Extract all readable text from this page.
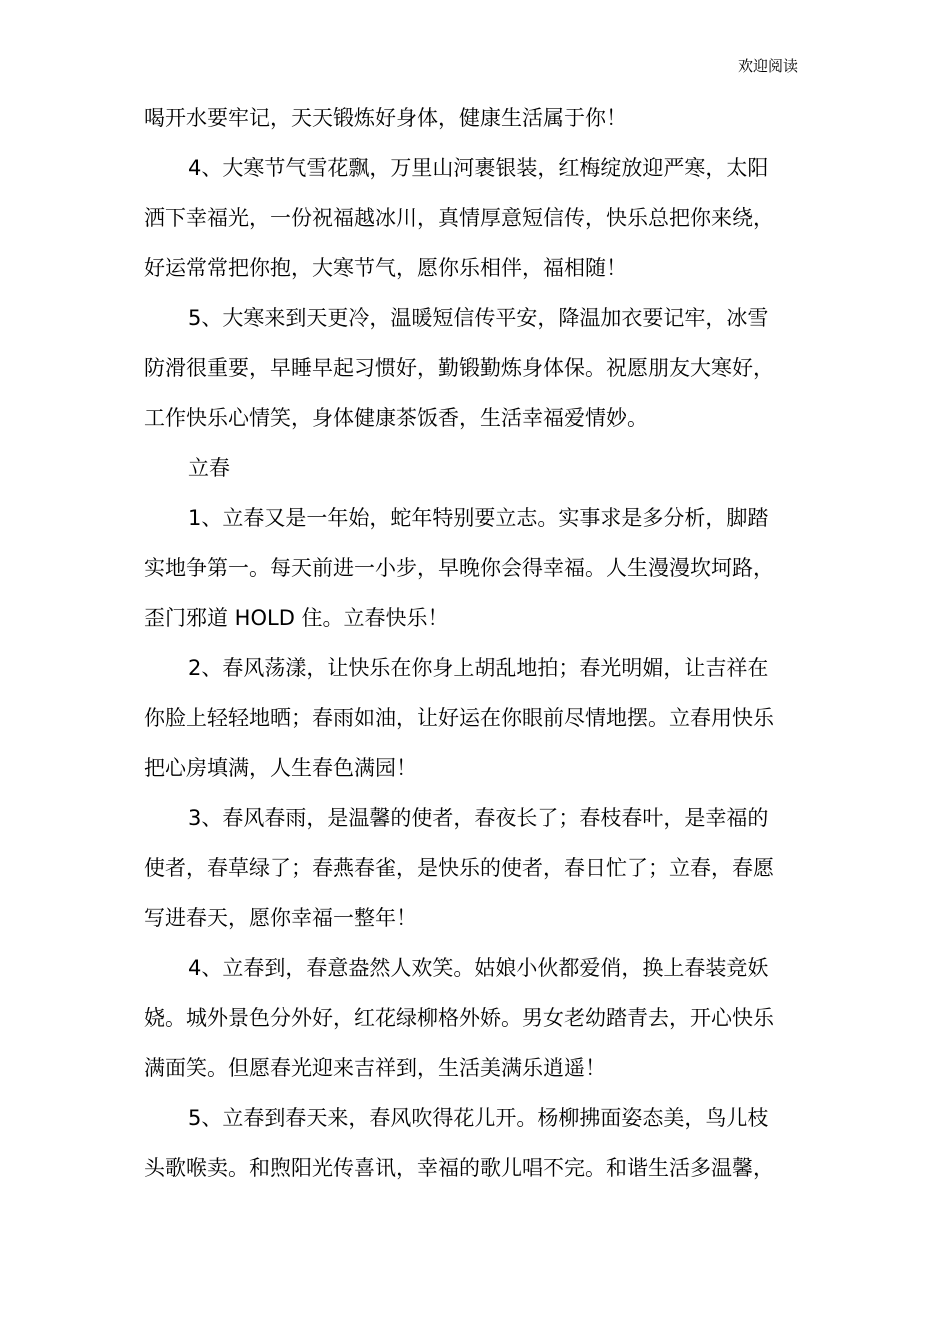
欢迎阅读

喝开水要牢记，天天锻炼好身体，健康生活属于你！

4、大寒节气雪花飘，万里山河裹银装，红梅绽放迎严寒，太阳

洒下幸福光，一份祝福越冰川，真情厚意短信传，快乐总把你来绕，

好运常常把你抱，大寒节气，愿你乐相伴，福相随！

5、大寒来到天更冷，温暖短信传平安，降温加衣要记牢，冰雪

防滑很重要，早睡早起习惯好，勤锻勤炼身体保。祝愿朋友大寒好，

工作快乐心情笑，身体健康茶饭香，生活幸福爱情妙。

立春

1、立春又是一年始，蛇年特别要立志。实事求是多分析，脚踏

实地争第一。每天前进一小步，早晚你会得幸福。人生漫漫坎坷路，

歪门邪道 HOLD 住。立春快乐！

2、春风荡漾，让快乐在你身上胡乱地拍；春光明媚，让吉祥在

你脸上轻轻地晒；春雨如油，让好运在你眼前尽情地摆。立春用快乐

把心房填满，人生春色满园！

3、春风春雨，是温馨的使者，春夜长了；春枝春叶，是幸福的

使者，春草绿了；春燕春雀，是快乐的使者，春日忙了；立春，春愿

写进春天，愿你幸福一整年！

4、立春到，春意盎然人欢笑。姑娘小伙都爱俏，换上春装竞妖

娆。城外景色分外好，红花绿柳格外娇。男女老幼踏青去，开心快乐

满面笑。但愿春光迎来吉祥到，生活美满乐逍遥！

5、立春到春天来，春风吹得花儿开。杨柳拂面姿态美，鸟儿枝

头歌喉卖。和煦阳光传喜讯，幸福的歌儿唱不完。和谐生活多温馨，
